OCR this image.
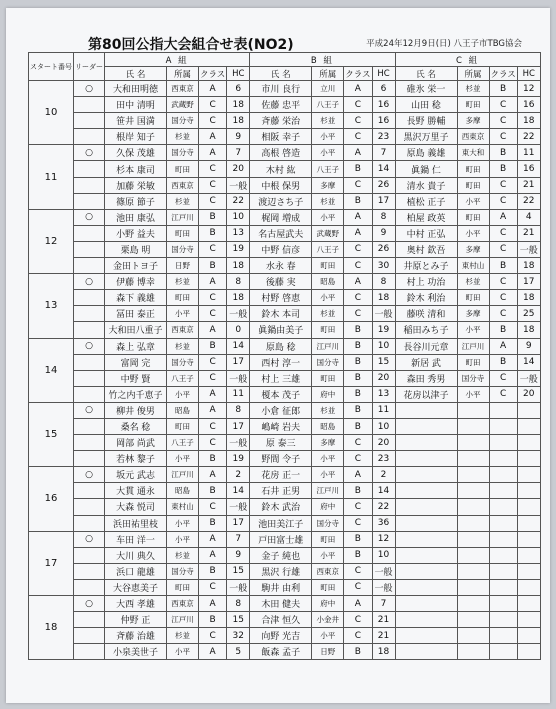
第80回公指大会組合せ表(NO2)	平成24年12月9日(日) 八王子市TBG協会
スタート番号	リーダー	A 組				B 組				C 組			
		氏 名	所属	クラス	HC	氏 名	所属	クラス	HC	氏 名	所属	クラス	HC
10	○	大和田明徳	西東京	A	6	市川 良行	立川	A	6	碓氷 栄一	杉並	B	12
		田中 清明	武蔵野	C	18	佐藤 忠平	八王子	C	16	山田 稔	町田	C	16
		笹井 国満	国分寺	C	18	斉藤 栄治	杉並	C	16	長野 勝輔	多摩	C	18
		根岸 知子	杉並	A	9	相阪 幸子	小平	C	23	黒沢万里子	西東京	C	22
11	○	久保 茂雄	国分寺	A	7	高根 啓造	小平	A	7	原島 義雄	東大和	B	11
		杉本 康司	町田	C	20	木村 紘	八王子	B	14	眞鍋 仁	町田	B	16
		加藤 栄敏	西東京	C	一般	中根 保男	多摩	C	26	清水 貴子	町田	C	21
		篠原 節子	杉並	C	22	渡辺さち子	杉並	B	17	植松 正子	小平	C	22
12	○	池田 康弘	江戸川	B	10	梶岡 増成	小平	A	8	柏屋 政英	町田	A	4
		小野 益夫	町田	B	13	名古屋武夫	武蔵野	A	9	中村 正弘	小平	C	21
		栗島 明	国分寺	C	19	中野 信彦	八王子	C	26	奥村 欽吾	多摩	C	一般
		金田トヨ子	日野	B	18	水永 春	町田	C	30	井原とみ子	東村山	B	18
13	○	伊藤 博幸	杉並	A	8	後藤 実	昭島	A	8	村上 功治	杉並	C	17
		森下 義雄	町田	C	18	村野 啓恵	小平	C	18	鈴木 利治	町田	C	18
		冨田 泰正	小平	C	一般	鈴木 本司	杉並	C	一般	藤咲 清和	多摩	C	25
		大和田八重子	西東京	A	0	眞鍋由美子	町田	B	19	稲田みち子	小平	B	18
14	○	森上 弘章	杉並	B	14	原島 稔	江戸川	B	10	長谷川元章	江戸川	A	9
		富岡 完	国分寺	C	17	西村 淳一	国分寺	B	15	新居 武	町田	B	14
		中野 賢	八王子	C	一般	村上 三雄	町田	B	20	森田 秀男	国分寺	C	一般
		竹之内千恵子	小平	A	11	榎本 茂子	府中	B	13	花房以津子	小平	C	20
15	○	柳井 俊男	昭島	A	8	小倉 征郎	杉並	B	11				
		桑名 稔	町田	C	17	嶋崎 岩夫	昭島	B	10				
		岡部 尚武	八王子	C	一般	原 泰三	多摩	C	20				
		若林 黎子	小平	B	19	野間 令子	小平	C	23				
16	○	坂元 武志	江戸川	A	2	花房 正一	小平	A	2				
		大貫 通永	昭島	B	14	石井 正男	江戸川	B	14				
		大森 悦司	東村山	C	一般	鈴木 武治	府中	C	22				
		浜田祐里枝	小平	B	17	池田美江子	国分寺	C	36				
17	○	车田 洋一	小平	A	7	戸田富士雄	町田	B	12				
		大川 典久	杉並	A	9	金子 純也	小平	B	10				
		浜口 龍雄	国分寺	B	15	黒沢 行雄	西東京	C	一般				
		大谷恵美子	町田	C	一般	駒井 由利	町田	C	一般				
18	○	大西 孝雄	西東京	A	8	木田 健夫	府中	A	7				
		仲野 正	江戸川	B	15	合津 恒久	小金井	C	21				
		斉藤 治雄	杉並	C	32	向野 光吉	小平	C	21				
		小泉美世子	小平	A	5	飯森 孟子	日野	B	18				
